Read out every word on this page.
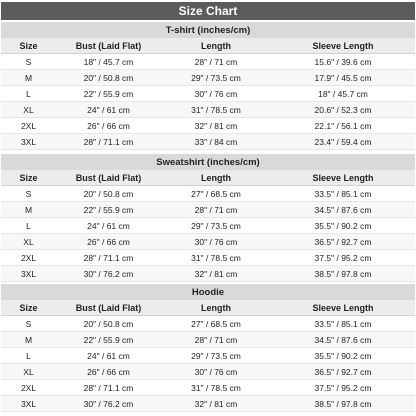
Size Chart
T-shirt (inches/cm)
Size	Bust (Laid Flat)	Length	Sleeve Length
S	18" / 45.7 cm	28" / 71 cm	15.6" / 39.6 cm
M	20" / 50.8 cm	29" / 73.5 cm	17.9" / 45.5 cm
L	22" / 55.9 cm	30" / 76 cm	18" / 45.7 cm
XL	24" / 61 cm	31" / 78.5 cm	20.6" / 52.3 cm
2XL	26" / 66 cm	32" / 81 cm	22.1" / 56.1 cm
3XL	28" / 71.1 cm	33" / 84 cm	23.4" / 59.4 cm
Sweatshirt (inches/cm)
Size	Bust (Laid Flat)	Length	Sleeve Length
S	20" / 50.8 cm	27" / 68.5 cm	33.5" / 85.1 cm
M	22" / 55.9 cm	28" / 71 cm	34.5" / 87.6 cm
L	24" / 61 cm	29" / 73.5 cm	35.5" / 90.2 cm
XL	26" / 66 cm	30" / 76 cm	36.5" / 92.7 cm
2XL	28" / 71.1 cm	31" / 78.5 cm	37.5" / 95.2 cm
3XL	30" / 76.2 cm	32" / 81 cm	38.5" / 97.8 cm
Hoodie
Size	Bust (Laid Flat)	Length	Sleeve Length
S	20" / 50.8 cm	27" / 68.5 cm	33.5" / 85.1 cm
M	22" / 55.9 cm	28" / 71 cm	34.5" / 87.6 cm
L	24" / 61 cm	29" / 73.5 cm	35.5" / 90.2 cm
XL	26" / 66 cm	30" / 76 cm	36.5" / 92.7 cm
2XL	28" / 71.1 cm	31" / 78.5 cm	37.5" / 95.2 cm
3XL	30" / 76.2 cm	32" / 81 cm	38.5" / 97.8 cm
